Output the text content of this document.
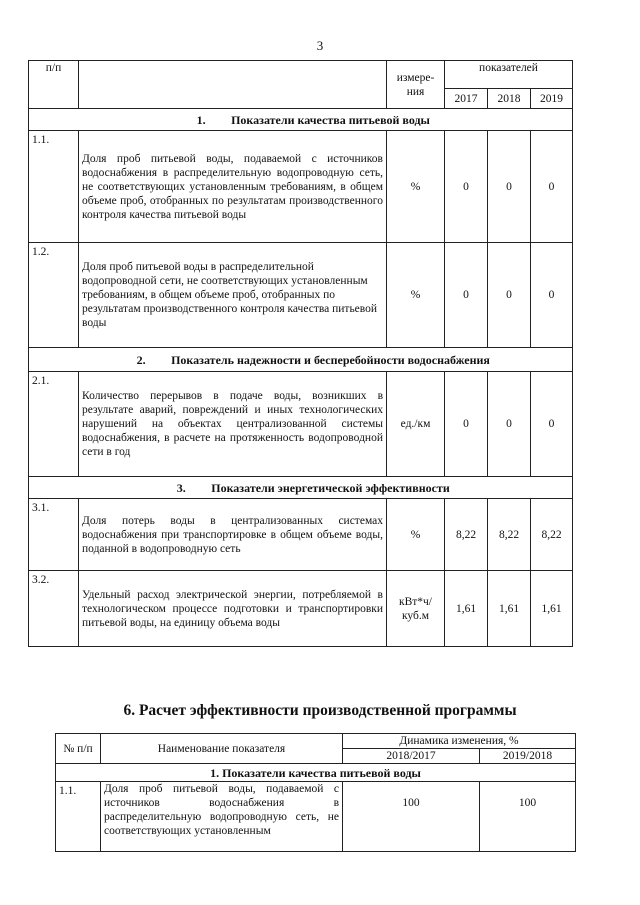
3
п/п		измере-ния	показателей		
			2017	2018	2019
1. Показатели качества питьевой воды					
1.1.	Доля проб питьевой воды, подаваемой с источников водоснабжения в распределительную водопроводную сеть, не соответствующих установленным требованиям, в общем объеме проб, отобранных по результатам производственного контроля качества питьевой воды	%	0	0	0
1.2.	Доля проб питьевой воды в распределительной водопроводной сети, не соответствующих установленным требованиям, в общем объеме проб, отобранных по результатам производственного контроля качества питьевой воды	%	0	0	0
2. Показатель надежности и бесперебойности водоснабжения					
2.1.	Количество перерывов в подаче воды, возникших в результате аварий, повреждений и иных технологических нарушений на объектах централизованной системы водоснабжения, в расчете на протяженность водопроводной сети в год	ед./км	0	0	0
3. Показатели энергетической эффективности					
3.1.	Доля потерь воды в централизованных системах водоснабжения при транспортировке в общем объеме воды, поданной в водопроводную сеть	%	8,22	8,22	8,22
3.2.	Удельный расход электрической энергии, потребляемой в технологическом процессе подготовки и транспортировки питьевой воды, на единицу объема воды	кВт*ч/куб.м	1,61	1,61	1,61
6. Расчет эффективности производственной программы
№ п/п	Наименование показателя	Динамика изменения, %	
		2018/2017	2019/2018
1. Показатели качества питьевой воды			
1.1.	Доля проб питьевой воды, подаваемой с источников водоснабжения в распределительную водопроводную сеть, не соответствующих установленным	100	100
